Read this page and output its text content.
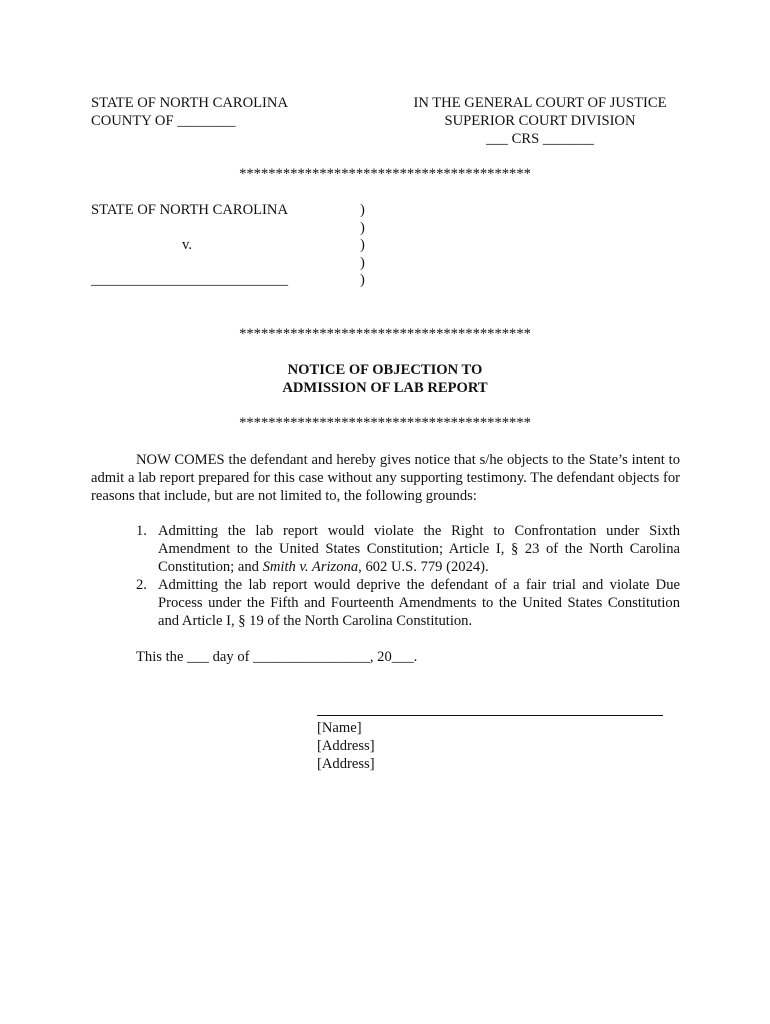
STATE OF NORTH CAROLINA
COUNTY OF ________
IN THE GENERAL COURT OF JUSTICE
SUPERIOR COURT DIVISION
___ CRS _______
****************************************
STATE OF NORTH CAROLINA
v.
___________________________
)
)
)
)
)
****************************************
NOTICE OF OBJECTION TO
ADMISSION OF LAB REPORT
****************************************
NOW COMES the defendant and hereby gives notice that s/he objects to the State’s intent to admit a lab report prepared for this case without any supporting testimony. The defendant objects for reasons that include, but are not limited to, the following grounds:
1. Admitting the lab report would violate the Right to Confrontation under Sixth Amendment to the United States Constitution; Article I, § 23 of the North Carolina Constitution; and Smith v. Arizona, 602 U.S. 779 (2024).
2. Admitting the lab report would deprive the defendant of a fair trial and violate Due Process under the Fifth and Fourteenth Amendments to the United States Constitution and Article I, § 19 of the North Carolina Constitution.
This the ___ day of ________________, 20___.
[Name]
[Address]
[Address]
